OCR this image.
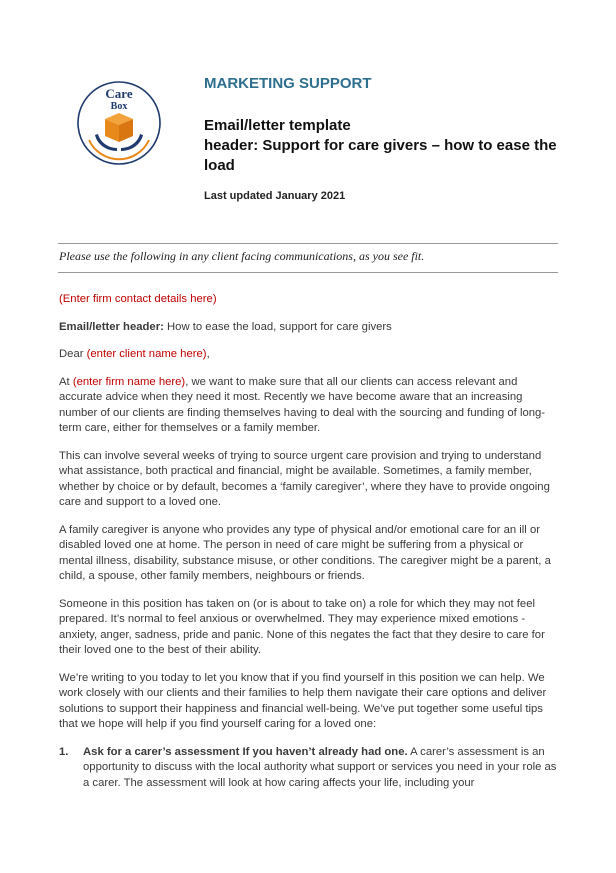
Care
Box
MARKETING SUPPORT
Email/letter template
header: Support for care givers – how to ease the load
Last updated January 2021
Please use the following in any client facing communications, as you see fit.

(Enter firm contact details here)

Email/letter header: How to ease the load, support for care givers

Dear (enter client name here),

At (enter firm name here), we want to make sure that all our clients can access relevant and accurate advice when they need it most. Recently we have become aware that an increasing number of our clients are finding themselves having to deal with the sourcing and funding of long-term care, either for themselves or a family member.

This can involve several weeks of trying to source urgent care provision and trying to understand what assistance, both practical and financial, might be available. Sometimes, a family member, whether by choice or by default, becomes a ‘family caregiver’, where they have to provide ongoing care and support to a loved one.

A family caregiver is anyone who provides any type of physical and/or emotional care for an ill or disabled loved one at home. The person in need of care might be suffering from a physical or mental illness, disability, substance misuse, or other conditions. The caregiver might be a parent, a child, a spouse, other family members, neighbours or friends.

Someone in this position has taken on (or is about to take on) a role for which they may not feel prepared. It’s normal to feel anxious or overwhelmed. They may experience mixed emotions - anxiety, anger, sadness, pride and panic. None of this negates the fact that they desire to care for their loved one to the best of their ability.

We’re writing to you today to let you know that if you find yourself in this position we can help. We work closely with our clients and their families to help them navigate their care options and deliver solutions to support their happiness and financial well-being. We’ve put together some useful tips that we hope will help if you find yourself caring for a loved one:

1. Ask for a carer’s assessment If you haven’t already had one. A carer’s assessment is an opportunity to discuss with the local authority what support or services you need in your role as a carer. The assessment will look at how caring affects your life, including your
